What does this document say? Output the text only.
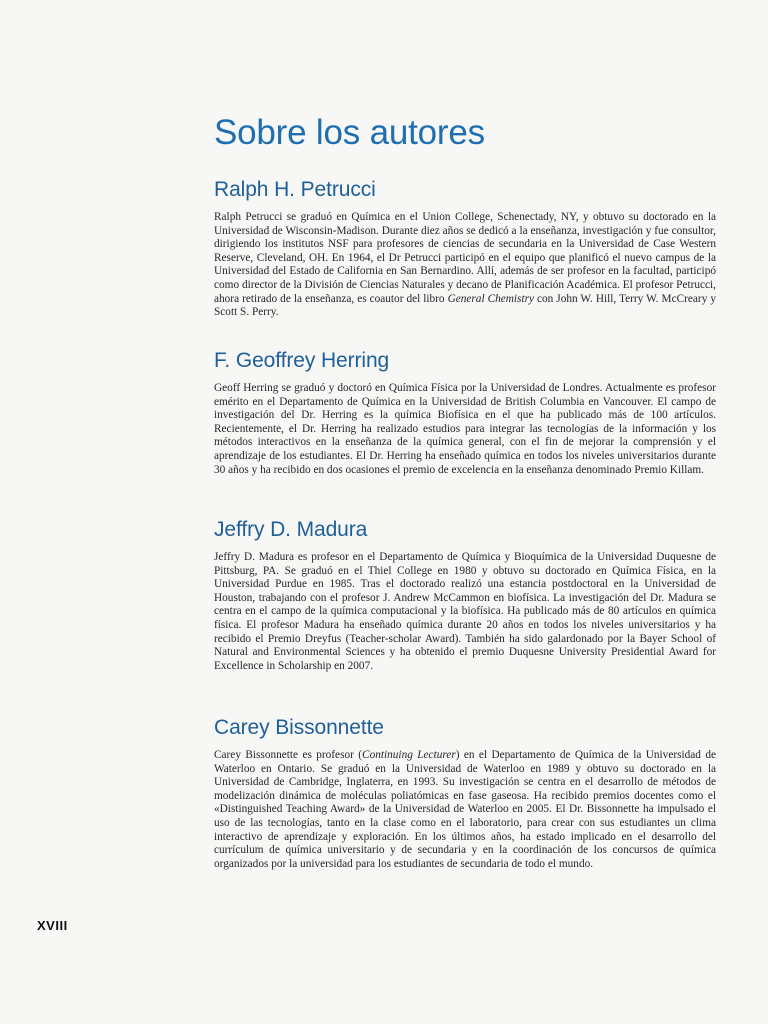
Sobre los autores
Ralph H. Petrucci

Ralph Petrucci se graduó en Química en el Union College, Schenectady, NY, y obtuvo su doctorado en la Universidad de Wisconsin-Madison. Durante diez años se dedicó a la enseñanza, investigación y fue consultor, dirigiendo los institutos NSF para profesores de ciencias de secundaria en la Universidad de Case Western Reserve, Cleveland, OH. En 1964, el Dr Petrucci participó en el equipo que planificó el nuevo campus de la Universidad del Estado de California en San Bernardino. Allí, además de ser profesor en la facultad, participó como director de la División de Ciencias Naturales y decano de Planificación Académica. El profesor Petrucci, ahora retirado de la enseñanza, es coautor del libro General Chemistry con John W. Hill, Terry W. McCreary y Scott S. Perry.

F. Geoffrey Herring

Geoff Herring se graduó y doctoró en Química Física por la Universidad de Londres. Actualmente es profesor emérito en el Departamento de Química en la Universidad de British Columbia en Vancouver. El campo de investigación del Dr. Herring es la química Biofísica en el que ha publicado más de 100 artículos. Recientemente, el Dr. Herring ha realizado estudios para integrar las tecnologías de la información y los métodos interactivos en la enseñanza de la química general, con el fin de mejorar la comprensión y el aprendizaje de los estudiantes. El Dr. Herring ha enseñado química en todos los niveles universitarios durante 30 años y ha recibido en dos ocasiones el premio de excelencia en la enseñanza denominado Premio Killam.

Jeffry D. Madura

Jeffry D. Madura es profesor en el Departamento de Química y Bioquímica de la Universidad Duquesne de Pittsburg, PA. Se graduó en el Thiel College en 1980 y obtuvo su doctorado en Química Física, en la Universidad Purdue en 1985. Tras el doctorado realizó una estancia postdoctoral en la Universidad de Houston, trabajando con el profesor J. Andrew McCammon en biofísica. La investigación del Dr. Madura se centra en el campo de la química computacional y la biofísica. Ha publicado más de 80 artículos en química física. El profesor Madura ha enseñado química durante 20 años en todos los niveles universitarios y ha recibido el Premio Dreyfus (Teacher-scholar Award). También ha sido galardonado por la Bayer School of Natural and Environmental Sciences y ha obtenido el premio Duquesne University Presidential Award for Excellence in Scholarship en 2007.

Carey Bissonnette

Carey Bissonnette es profesor (Continuing Lecturer) en el Departamento de Química de la Universidad de Waterloo en Ontario. Se graduó en la Universidad de Waterloo en 1989 y obtuvo su doctorado en la Universidad de Cambridge, Inglaterra, en 1993. Su investigación se centra en el desarrollo de métodos de modelización dinámica de moléculas poliatómicas en fase gaseosa. Ha recibido premios docentes como el «Distinguished Teaching Award» de la Universidad de Waterloo en 2005. El Dr. Bissonnette ha impulsado el uso de las tecnologías, tanto en la clase como en el laboratorio, para crear con sus estudiantes un clima interactivo de aprendizaje y exploración. En los últimos años, ha estado implicado en el desarrollo del currículum de química universitario y de secundaria y en la coordinación de los concursos de química organizados por la universidad para los estudiantes de secundaria de todo el mundo.

XVIII
